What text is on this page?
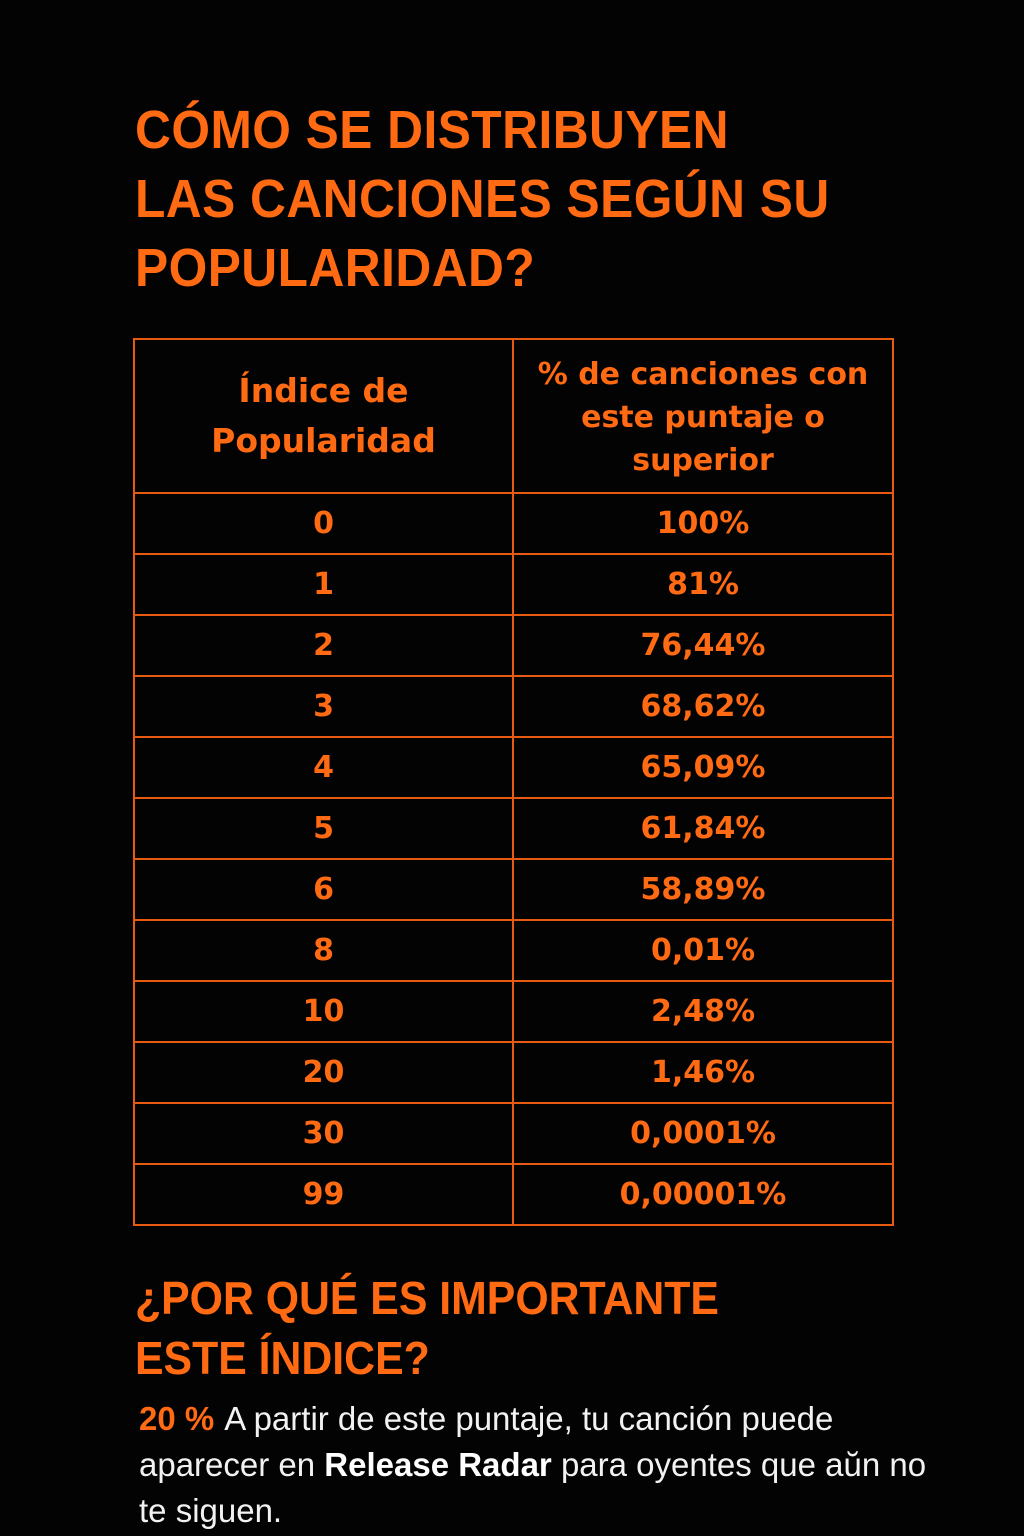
CÓMO SE DISTRIBUYEN LAS CANCIONES SEGÚN SU POPULARIDAD?
Índice de Popularidad	% de canciones con este puntaje o superior
0	100%
1	81%
2	76,44%
3	68,62%
4	65,09%
5	61,84%
6	58,89%
8	0,01%
10	2,48%
20	1,46%
30	0,0001%
99	0,00001%
¿POR QUÉ ES IMPORTANTE ESTE ÍNDICE?

20 % A partir de este puntaje, tu canción puede aparecer en Release Radar para oyentes que aŭn no te siguen.
